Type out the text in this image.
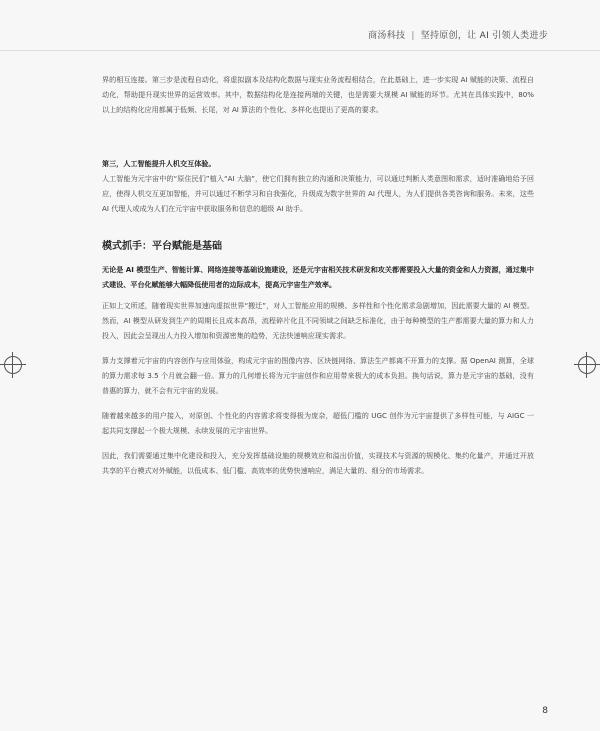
商汤科技 | 坚持原创，让 AI 引领人类进步

界的相互连接。第三步是流程自动化，将虚拟副本及结构化数据与现实业务流程相结合，在此基础上，进一步实现 AI 赋能的决策、流程自动化，帮助提升现实世界的运营效率。其中，数据结构化是连接两端的关键，也是需要大规模 AI 赋能的环节。尤其在具体实践中，80% 以上的结构化应用都属于低频、长尾，对 AI 算法的个性化、多样化也提出了更高的要求。

第三，人工智能提升人机交互体验。

人工智能为元宇宙中的“原住民们”植入“AI 大脑”，使它们拥有独立的沟通和决策能力，可以通过判断人类意图和需求，适时准确地给予回应，使得人机交互更加智能，并可以通过不断学习和自我强化，升级成为数字世界的 AI 代理人，为人们提供各类咨询和服务。未来，这些 AI 代理人或成为人们在元宇宙中获取服务和信息的超级 AI 助手。

模式抓手：平台赋能是基础

无论是 AI 模型生产、智能计算、网络连接等基础设施建设，还是元宇宙相关技术研发和攻关都需要投入大量的资金和人力资源，通过集中式建设、平台化赋能够大幅降低使用者的边际成本，提高元宇宙生产效率。

正如上文所述，随着现实世界加速向虚拟世界“搬迁”，对人工智能应用的规模、多样性和个性化需求急剧增加，因此需要大量的 AI 模型。然而，AI 模型从研发到生产的周期长且成本高昂，流程碎片化且不同领域之间缺乏标准化，由于每种模型的生产都需要大量的算力和人力投入，因此会呈现出人力投入增加和资源密集的趋势，无法快速响应现实需求。

算力支撑着元宇宙的内容创作与应用体验，构成元宇宙的图像内容、区块链网络、算法生产都离不开算力的支撑。据 OpenAI 测算，全球的算力需求每 3.5 个月就会翻一倍。算力的几何增长将为元宇宙创作和应用带来极大的成本负担。换句话说，算力是元宇宙的基础，没有普惠的算力，就不会有元宇宙的发展。

随着越来越多的用户接入，对原创、个性化的内容需求将变得极为庞杂，超低门槛的 UGC 创作为元宇宙提供了多样性可能，与 AIGC 一起共同支撑起一个极大规模、永续发展的元宇宙世界。

因此，我们需要通过集中化建设和投入，充分发挥基础设施的规模效应和溢出价值，实现技术与资源的规模化、集约化量产，并通过开放共享的平台模式对外赋能，以低成本、低门槛、高效率的优势快速响应，满足大量的、细分的市场需求。

8
